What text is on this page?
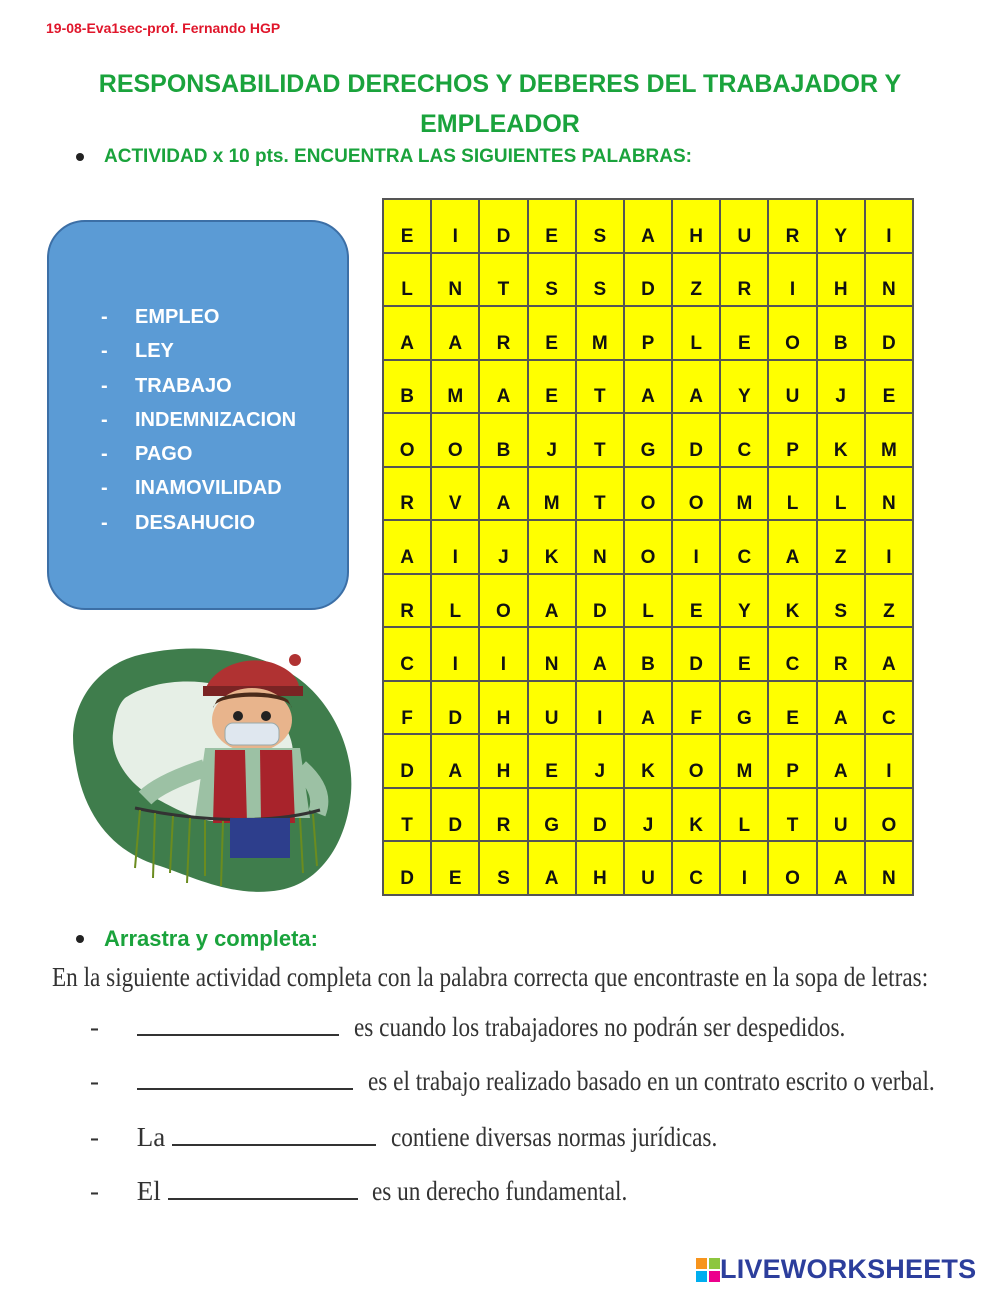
19-08-Eva1sec-prof. Fernando HGP
RESPONSABILIDAD DERECHOS Y DEBERES DEL TRABAJADOR Y EMPLEADOR
ACTIVIDAD x 10 pts. ENCUENTRA LAS SIGUIENTES PALABRAS:
-	EMPLEO
-	LEY
-	TRABAJO
-	INDEMNIZACION
-	PAGO
-	INAMOVILIDAD
-	DESAHUCIO
E	I	D	E	S	A	H	U	R	Y	I
L	N	T	S	S	D	Z	R	I	H	N
A	A	R	E	M	P	L	E	O	B	D
B	M	A	E	T	A	A	Y	U	J	E
O	O	B	J	T	G	D	C	P	K	M
R	V	A	M	T	O	O	M	L	L	N
A	I	J	K	N	O	I	C	A	Z	I
R	L	O	A	D	L	E	Y	K	S	Z
C	I	I	N	A	B	D	E	C	R	A
F	D	H	U	I	A	F	G	E	A	C
D	A	H	E	J	K	O	M	P	A	I
T	D	R	G	D	J	K	L	T	U	O
D	E	S	A	H	U	C	I	O	A	N
Arrastra y completa:
En la siguiente actividad completa con la palabra correcta que encontraste en la sopa de letras:
-	es cuando los trabajadores no podrán ser despedidos.
-	es el trabajo realizado basado en un contrato escrito o verbal.
- La	contiene diversas normas jurídicas.
- El	es un derecho fundamental.
LIVEWORKSHEETS
